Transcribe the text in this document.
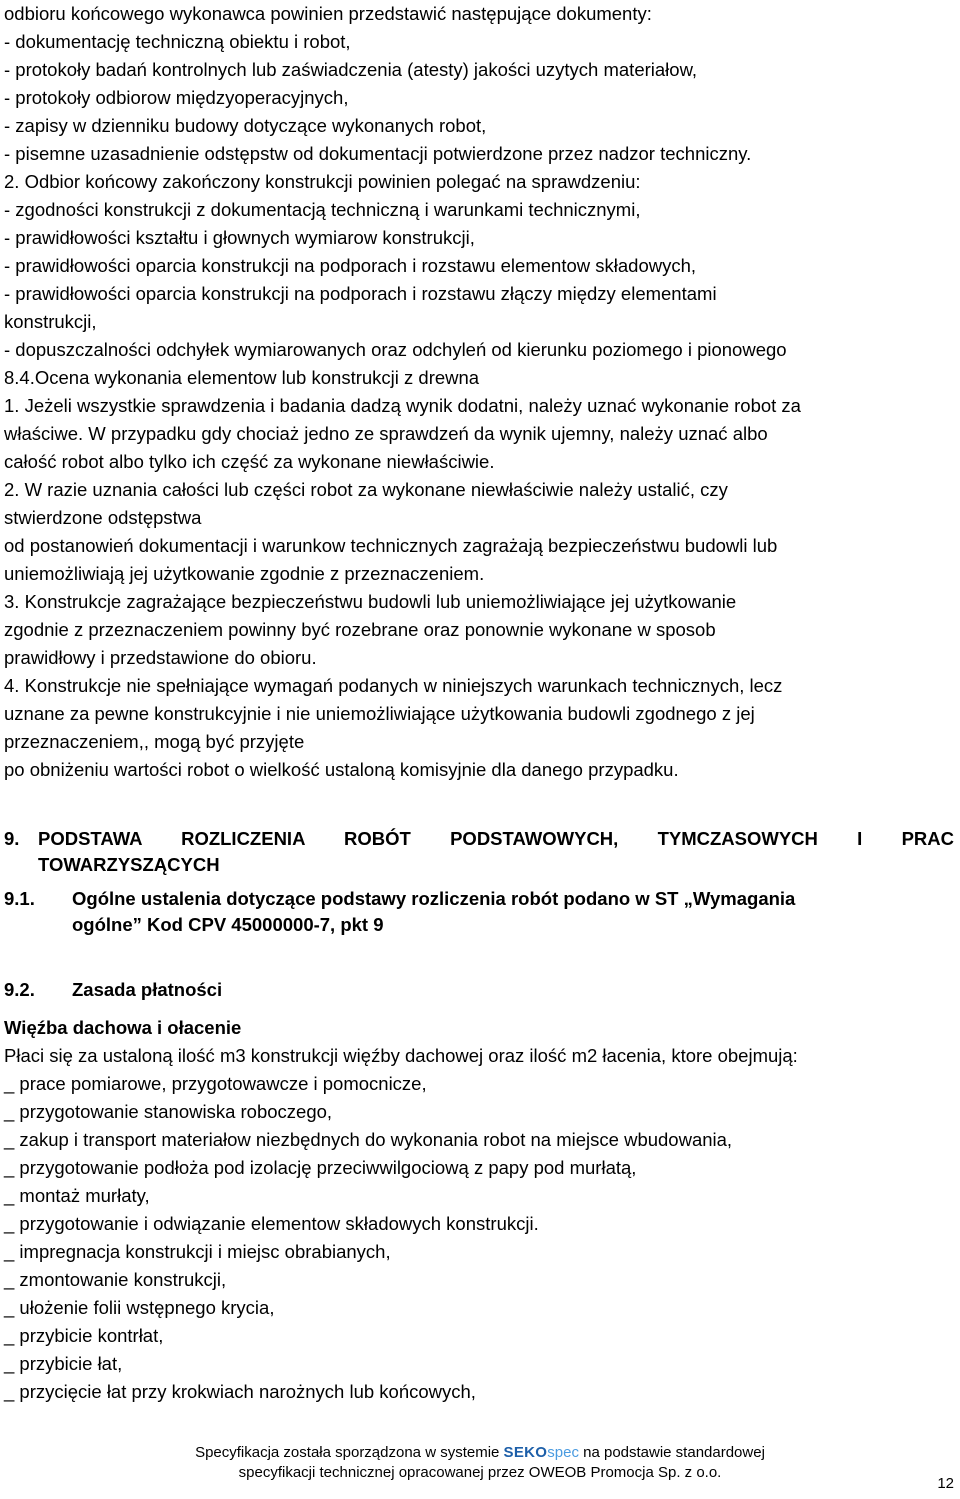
odbioru końcowego wykonawca powinien przedstawić następujące dokumenty:
- dokumentację techniczną obiektu i robot,
- protokoły badań kontrolnych lub zaświadczenia (atesty) jakości uzytych materiałow,
- protokoły odbiorow międzyoperacyjnych,
- zapisy w dzienniku budowy dotyczące wykonanych robot,
- pisemne uzasadnienie odstępstw od dokumentacji potwierdzone przez nadzor techniczny.
2. Odbior końcowy zakończony konstrukcji powinien polegać na sprawdzeniu:
- zgodności konstrukcji z dokumentacją techniczną i warunkami technicznymi,
- prawidłowości kształtu i głownych wymiarow konstrukcji,
- prawidłowości oparcia konstrukcji na podporach i rozstawu elementow składowych,
- prawidłowości oparcia konstrukcji na podporach i rozstawu złączy między elementami
konstrukcji,
- dopuszczalności odchyłek wymiarowanych oraz odchyleń od kierunku poziomego i pionowego
8.4.Ocena wykonania elementow lub konstrukcji z drewna
1. Jeżeli wszystkie sprawdzenia i badania dadzą wynik dodatni, należy uznać wykonanie robot za
właściwe. W przypadku gdy chociaż jedno ze sprawdzeń da wynik ujemny, należy uznać albo
całość robot albo tylko ich część za wykonane niewłaściwie.
2. W razie uznania całości lub części robot za wykonane niewłaściwie należy ustalić, czy
stwierdzone odstępstwa
od postanowień dokumentacji i warunkow technicznych zagrażają bezpieczeństwu budowli lub
uniemożliwiają jej użytkowanie zgodnie z przeznaczeniem.
3. Konstrukcje zagrażające bezpieczeństwu budowli lub uniemożliwiające jej użytkowanie
zgodnie z przeznaczeniem powinny być rozebrane oraz ponownie wykonane w sposob
prawidłowy i przedstawione do obioru.
4. Konstrukcje nie spełniające wymagań podanych w niniejszych warunkach technicznych, lecz
uznane za pewne konstrukcyjnie i nie uniemożliwiające użytkowania budowli zgodnego z jej
przeznaczeniem,, mogą być przyjęte
po obniżeniu wartości robot o wielkość ustaloną komisyjnie dla danego przypadku.
9.	PODSTAWA ROZLICZENIA ROBÓT PODSTAWOWYCH, TYMCZASOWYCH I PRAC
TOWARZYSZĄCYCH
9.1.	Ogólne ustalenia dotyczące podstawy rozliczenia robót podano w ST „Wymagania
ogólne” Kod CPV 45000000-7, pkt 9
9.2.	Zasada płatności
Więźba dachowa i ołacenie
Płaci się za ustaloną ilość m3 konstrukcji więźby dachowej oraz ilość m2 łacenia, ktore obejmują:
_ prace pomiarowe, przygotowawcze i pomocnicze,
_ przygotowanie stanowiska roboczego,
_ zakup i transport materiałow niezbędnych do wykonania robot na miejsce wbudowania,
_ przygotowanie podłoża pod izolację przeciwwilgociową z papy pod murłatą,
_ montaż murłaty,
_ przygotowanie i odwiązanie elementow składowych konstrukcji.
_ impregnacja konstrukcji i miejsc obrabianych,
_ zmontowanie konstrukcji,
_ ułożenie folii wstępnego krycia,
_ przybicie kontrłat,
_ przybicie łat,
_ przycięcie łat przy krokwiach narożnych lub końcowych,
Specyfikacja została sporządzona w systemie SEKOspec na podstawie standardowej
specyfikacji technicznej opracowanej przez OWEOB Promocja Sp. z o.o.
12
